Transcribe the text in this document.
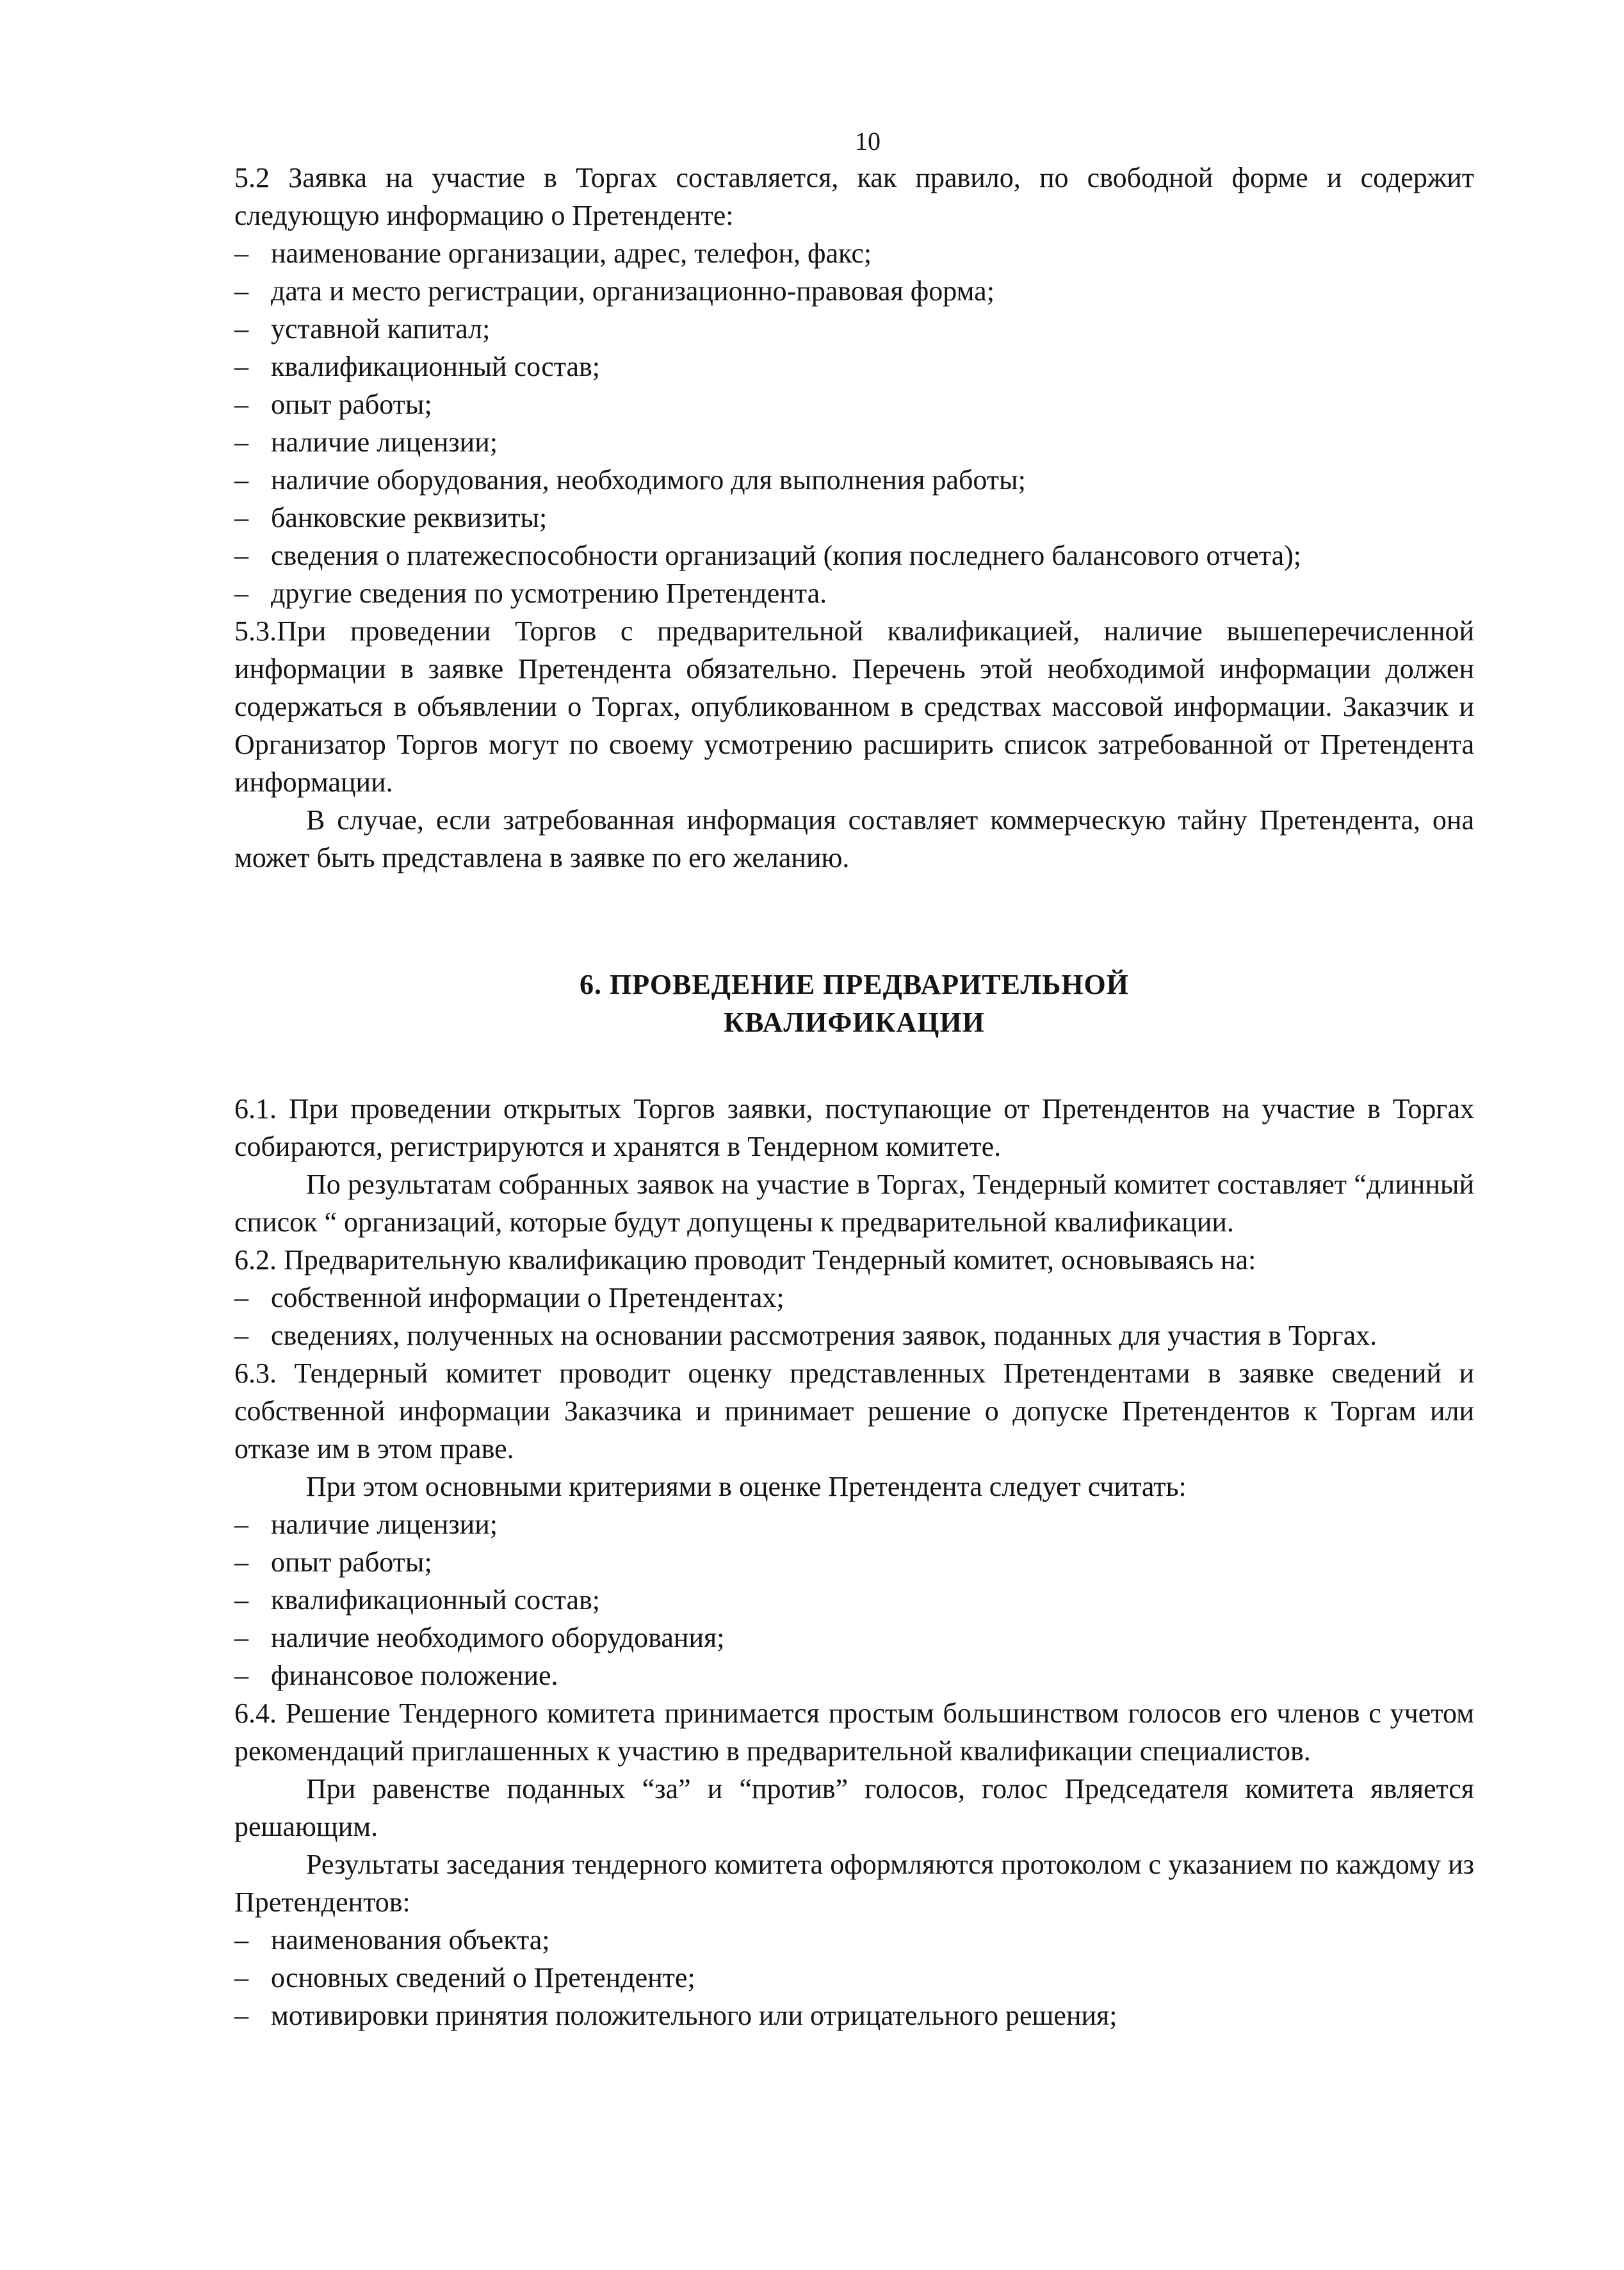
10

5.2 Заявка на участие в Торгах составляется, как правило, по свободной форме и содержит следующую информацию о Претенденте:

– наименование организации, адрес, телефон, факс;
– дата и место регистрации, организационно-правовая форма;
– уставной капитал;
– квалификационный состав;
– опыт работы;
– наличие лицензии;
– наличие оборудования, необходимого для выполнения работы;
– банковские реквизиты;
– сведения о платежеспособности организаций (копия последнего балансового отчета);
– другие сведения по усмотрению Претендента.

5.3.При проведении Торгов с предварительной квалификацией, наличие вышеперечисленной информации в заявке Претендента обязательно. Перечень этой необходимой информации должен содержаться в объявлении о Торгах, опубликованном в средствах массовой информации. Заказчик и Организатор Торгов могут по своему усмотрению расширить список затребованной от Претендента информации.

В случае, если затребованная информация составляет коммерческую тайну Претендента, она может быть представлена в заявке по его желанию.

6. ПРОВЕДЕНИЕ ПРЕДВАРИТЕЛЬНОЙ
КВАЛИФИКАЦИИ

6.1. При проведении открытых Торгов заявки, поступающие от Претендентов на участие в Торгах собираются, регистрируются и хранятся в Тендерном комитете.

По результатам собранных заявок на участие в Торгах, Тендерный комитет составляет “длинный список “ организаций, которые будут допущены к предварительной квалификации.

6.2. Предварительную квалификацию проводит Тендерный комитет, основываясь на:

– собственной информации о Претендентах;
– сведениях, полученных на основании рассмотрения заявок, поданных для участия в Торгах.

6.3. Тендерный комитет проводит оценку представленных Претендентами в заявке сведений и собственной информации Заказчика и принимает решение о допуске Претендентов к Торгам или отказе им в этом праве.

При этом основными критериями в оценке Претендента следует считать:

– наличие лицензии;
– опыт работы;
– квалификационный состав;
– наличие необходимого оборудования;
– финансовое положение.

6.4. Решение Тендерного комитета принимается простым большинством голосов его членов с учетом рекомендаций приглашенных к участию в предварительной квалификации специалистов.

При равенстве поданных “за” и “против” голосов, голос Председателя комитета является решающим.

Результаты заседания тендерного комитета оформляются протоколом с указанием по каждому из Претендентов:

– наименования объекта;
– основных сведений о Претенденте;
– мотивировки принятия положительного или отрицательного решения;
